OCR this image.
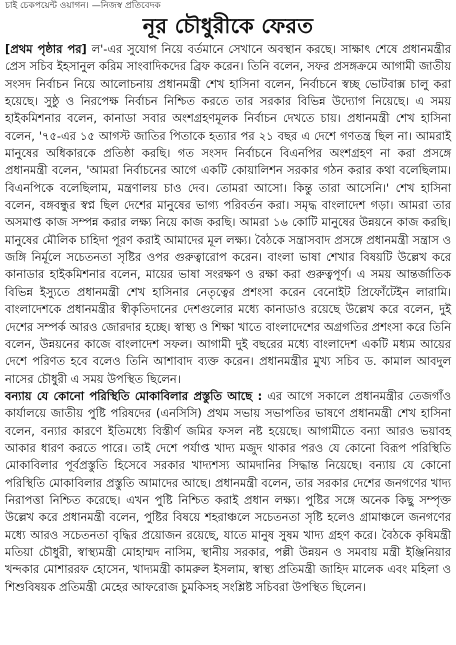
চাই চেকপয়েন্ট ওয়াগন। —নিজস্ব প্রতিবেদক
নূর চৌধুরীকে ফেরত

[প্রথম পৃষ্ঠার পর] ল'-এর সুযোগ নিয়ে বর্তমানে সেখানে অবস্থান করছে। সাক্ষাৎ শেষে প্রধানমন্ত্রীর প্রেস সচিব ইহসানুল করিম সাংবাদিকদের ব্রিফ করেন। তিনি বলেন, সফর প্রসঙ্গক্রমে আগামী জাতীয় সংসদ নির্বাচন নিয়ে আলোচনায় প্রধানমন্ত্রী শেখ হাসিনা বলেন, নির্বাচনে স্বচ্ছ ভোটবাক্স চালু করা হয়েছে। সুষ্ঠু ও নিরপেক্ষ নির্বাচন নিশ্চিত করতে তার সরকার বিভিন্ন উদ্যোগ নিয়েছে। এ সময় হাইকমিশনার বলেন, কানাডা সবার অংশগ্রহণমূলক নির্বাচন দেখতে চায়। প্রধানমন্ত্রী শেখ হাসিনা বলেন, '৭৫-এর ১৫ আগস্ট জাতির পিতাকে হত্যার পর ২১ বছর এ দেশে গণতন্ত্র ছিল না। আমরাই মানুষের অধিকারকে প্রতিষ্ঠা করছি। গত সংসদ নির্বাচনে বিএনপির অংশগ্রহণ না করা প্রসঙ্গে প্রধানমন্ত্রী বলেন, 'আমরা নির্বাচনের আগে একটি কোয়ালিশন সরকার গঠন করার কথা বলেছিলাম। বিএনপিকে বলেছিলাম, মন্ত্রণালয় চাও দেব। তোমরা আসো। কিন্তু তারা আসেনি।' শেখ হাসিনা বলেন, বঙ্গবন্ধুর স্বপ্ন ছিল দেশের মানুষের ভাগ্য পরিবর্তন করা। সমৃদ্ধ বাংলাদেশ গড়া। আমরা তার অসমাপ্ত কাজ সম্পন্ন করার লক্ষ্য নিয়ে কাজ করছি। আমরা ১৬ কোটি মানুষের উন্নয়নে কাজ করছি। মানুষের মৌলিক চাহিদা পূরণ করাই আমাদের মূল লক্ষ্য। বৈঠকে সন্ত্রাসবাদ প্রসঙ্গে প্রধানমন্ত্রী সন্ত্রাস ও জঙ্গি নির্মূলে সচেতনতা সৃষ্টির ওপর গুরুত্বারোপ করেন। বাংলা ভাষা শেখার বিষয়টি উল্লেখ করে কানাডার হাইকমিশনার বলেন, মায়ের ভাষা সংরক্ষণ ও রক্ষা করা গুরুত্বপূর্ণ। এ সময় আন্তর্জাতিক বিভিন্ন ইস্যুতে প্রধানমন্ত্রী শেখ হাসিনার নেতৃত্বের প্রশংসা করেন বেনোইট প্রিফোঁটেইন লারামি। বাংলাদেশকে প্রধানমন্ত্রীর স্বীকৃতিদানের দেশগুলোর মধ্যে কানাডাও রয়েছে উল্লেখ করে বলেন, দুই দেশের সম্পর্ক আরও জোরদার হচ্ছে। স্বাস্থ্য ও শিক্ষা খাতে বাংলাদেশের অগ্রগতির প্রশংসা করে তিনি বলেন, উন্নয়নের কাজে বাংলাদেশ সফল। আগামী দুই বছরের মধ্যে বাংলাদেশ একটি মধ্যম আয়ের দেশে পরিণত হবে বলেও তিনি আশাবাদ ব্যক্ত করেন। প্রধানমন্ত্রীর মুখ্য সচিব ড. কামাল আবদুল নাসের চৌধুরী এ সময় উপস্থিত ছিলেন।

বন্যায় যে কোনো পরিস্থিতি মোকাবিলার প্রস্তুতি আছে : এর আগে সকালে প্রধানমন্ত্রীর তেজগাঁও কার্যালয়ে জাতীয় পুষ্টি পরিষদের (এনসিসি) প্রথম সভায় সভাপতির ভাষণে প্রধানমন্ত্রী শেখ হাসিনা বলেন, বন্যার কারণে ইতিমধ্যে বিস্তীর্ণ জমির ফসল নষ্ট হয়েছে। আগামীতে বন্যা আরও ভয়াবহ আকার ধারণ করতে পারে। তাই দেশে পর্যাপ্ত খাদ্য মজুদ থাকার পরও যে কোনো বিরূপ পরিস্থিতি মোকাবিলার পূর্বপ্রস্তুতি হিসেবে সরকার খাদ্যশস্য আমদানির সিদ্ধান্ত নিয়েছে। বন্যায় যে কোনো পরিস্থিতি মোকাবিলার প্রস্তুতি আমাদের আছে। প্রধানমন্ত্রী বলেন, তার সরকার দেশের জনগণের খাদ্য নিরাপত্তা নিশ্চিত করেছে। এখন পুষ্টি নিশ্চিত করাই প্রধান লক্ষ্য। পুষ্টির সঙ্গে অনেক কিছু সম্পৃক্ত উল্লেখ করে প্রধানমন্ত্রী বলেন, পুষ্টির বিষয়ে শহরাঞ্চলে সচেতনতা সৃষ্টি হলেও গ্রামাঞ্চলে জনগণের মধ্যে আরও সচেতনতা বৃদ্ধির প্রয়োজন রয়েছে, যাতে মানুষ সুষম খাদ্য গ্রহণ করে। বৈঠকে কৃষিমন্ত্রী মতিয়া চৌধুরী, স্বাস্থ্যমন্ত্রী মোহাম্মদ নাসিম, স্থানীয় সরকার, পল্লী উন্নয়ন ও সমবায় মন্ত্রী ইঞ্জিনিয়ার খন্দকার মোশাররফ হোসেন, খাদ্যমন্ত্রী কামরুল ইসলাম, স্বাস্থ্য প্রতিমন্ত্রী জাহিদ মালেক এবং মহিলা ও শিশুবিষয়ক প্রতিমন্ত্রী মেহের আফরোজ চুমকিসহ সংশ্লিষ্ট সচিবরা উপস্থিত ছিলেন।
